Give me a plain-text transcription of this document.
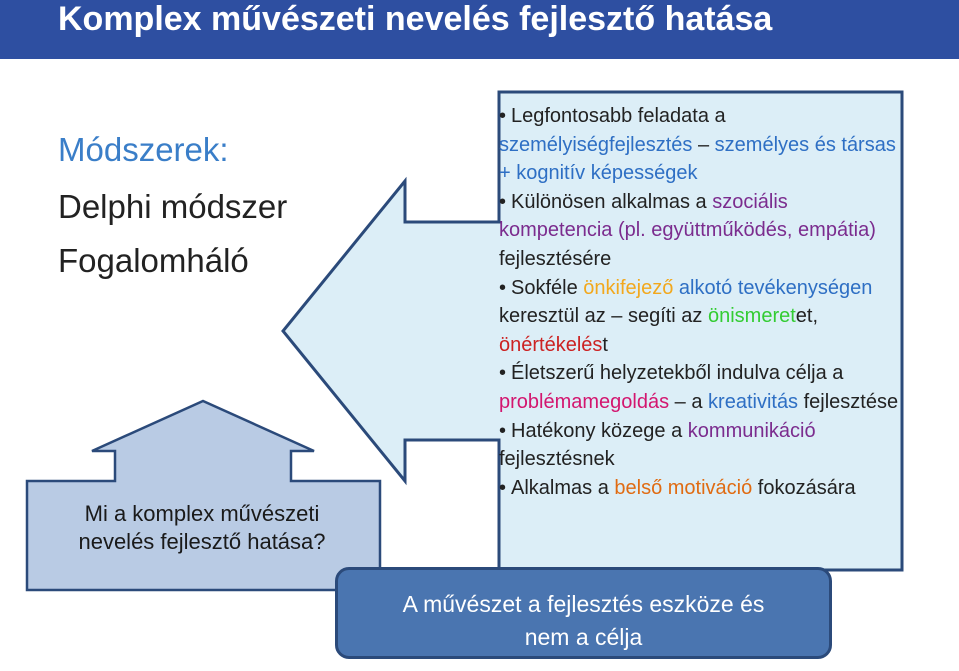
Komplex művészeti nevelés fejlesztő hatása
Módszerek:
Delphi módszer
Fogalomháló
Mi a komplex művészeti
nevelés fejlesztő hatása?

• Legfontosabb feladata a személyiségfejlesztés – személyes és társas + kognitív képességek

• Különösen alkalmas a szociális kompetencia (pl. együttműködés, empátia) fejlesztésére

• Sokféle önkifejező alkotó tevékenységen keresztül az – segíti az önismeretet, önértékelést

• Életszerű helyzetekből indulva célja a problémamegoldás – a kreativitás fejlesztése

• Hatékony közege a kommunikáció fejlesztésnek

• Alkalmas a belső motiváció fokozására

A művészet a fejlesztés eszköze és
nem a célja
